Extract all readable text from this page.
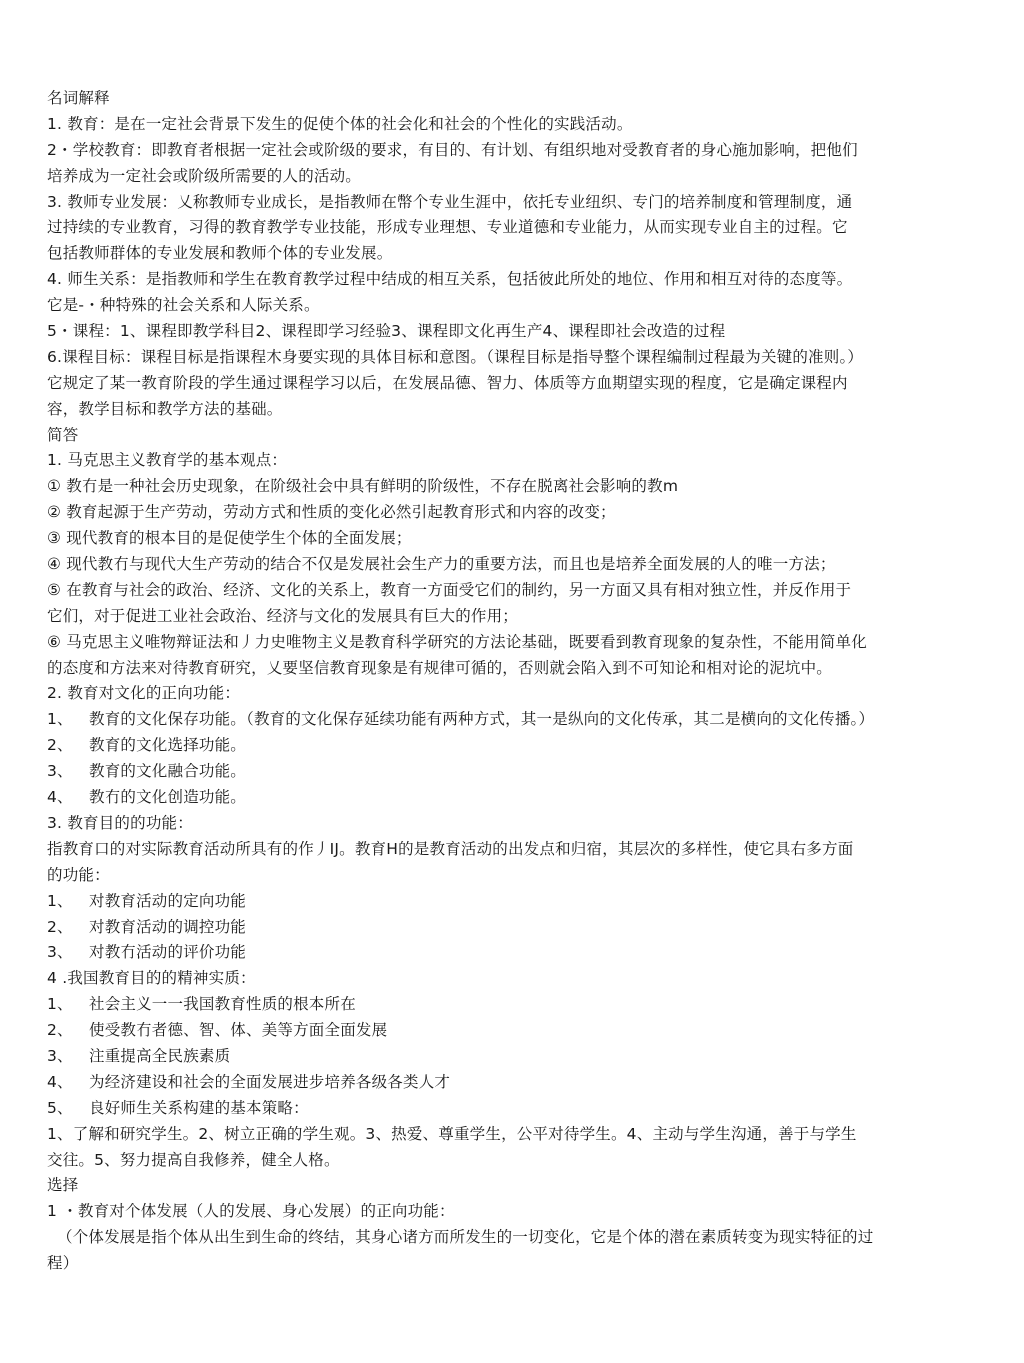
名词解释
1. 教育：是在一定社会背景下发生的促使个体的社会化和社会的个性化的实践活动。
2・学校教育：即教育者根据一定社会或阶级的要求，有目的、有计划、有组织地对受教育者的身心施加影响，把他们
培养成为一定社会或阶级所需要的人的活动。
3. 教师专业发展：乂称教师专业成长，是指教师在幣个专业生涯中，依托专业纽织、专门的培养制度和管理制度，通
过持续的专业教育，习得的教育教学专业技能，形成专业理想、专业道德和专业能力，从而实现专业自主的过程。它
包括教师群体的专业发展和教师个体的专业发展。
4. 师生关系：是指教师和学生在教育教学过程中结成的相互关系，包括彼此所处的地位、作用和相互对待的态度等。
它是-・种特殊的社会关系和人际关系。
5・课程：1、课程即教学科目2、课程即学习经验3、课程即文化再生产4、课程即社会改造的过程
6.课程目标：课程目标是指课程木身要实现的具体目标和意图。（课程目标是指导整个课程编制过程最为关键的准则。）
它规定了某一教育阶段的学生通过课程学习以后，在发展品德、智力、体质等方血期望实现的程度，它是确定课程内
容，教学目标和教学方法的基础。
简答
1. 马克思主义教育学的基本观点：
① 教冇是一种社会历史现象，在阶级社会中具有鲜明的阶级性，不存在脱离社会影响的教m
② 教育起源于生产劳动，劳动方式和性质的变化必然引起教育形式和内容的改变；
③ 现代教育的根本目的是促使学生个体的全面发展；
④ 现代教冇与现代大生产劳动的结合不仅是发展社会生产力的重要方法，而且也是培养全面发展的人的唯一方法；
⑤ 在教育与社会的政治、经济、文化的关系上，教育一方面受它们的制约，另一方面又具有相对独立性，并反作用于
它们，对于促进工业社会政治、经济与文化的发展具有巨大的作用；
⑥ 马克思主义唯物辩证法和丿力史唯物主义是教育科学研究的方法论基础，既要看到教育现象的复杂性，不能用简单化
的态度和方法来对待教育研究，乂要坚信教育现象是有规律可循的，否则就会陷入到不可知论和相对论的泥坑中。
2. 教育对文化的正向功能：
1、 教育的文化保存功能。（教育的文化保存延续功能有两种方式，其一是纵向的文化传承，其二是横向的文化传播。）
2、 教育的文化选择功能。
3、 教育的文化融合功能。
4、 教冇的文化创造功能。
3. 教育目的的功能：
指教育口的对实际教育活动所具有的作丿IJ。教育H的是教育活动的出发点和归宿，其层次的多样性，使它具右多方面
的功能：
1、 对教育活动的定向功能
2、 对教育活动的调控功能
3、 对教冇活动的评价功能
4 .我国教育目的的精神实质：
1、 社会主义一一我国教育性质的根本所在
2、 使受教冇者德、智、体、美等方面全面发展
3、 注重提高全民族素质
4、 为经济建设和社会的全面发展进步培养各级各类人才
5、 良好师生关系构建的基本策略：
1、了解和研究学生。2、树立正确的学生观。3、热爱、尊重学生，公平对待学生。4、主动与学生沟通，善于与学生
交往。5、努力提高自我修养，健全人格。
选择
1 ・教育对个体发展（人的发展、身心发展）的正向功能：
（个体发展是指个体从出生到生命的终结，其身心诸方而所发生的一切变化，它是个体的潜在素质转变为现实特征的过
程）
